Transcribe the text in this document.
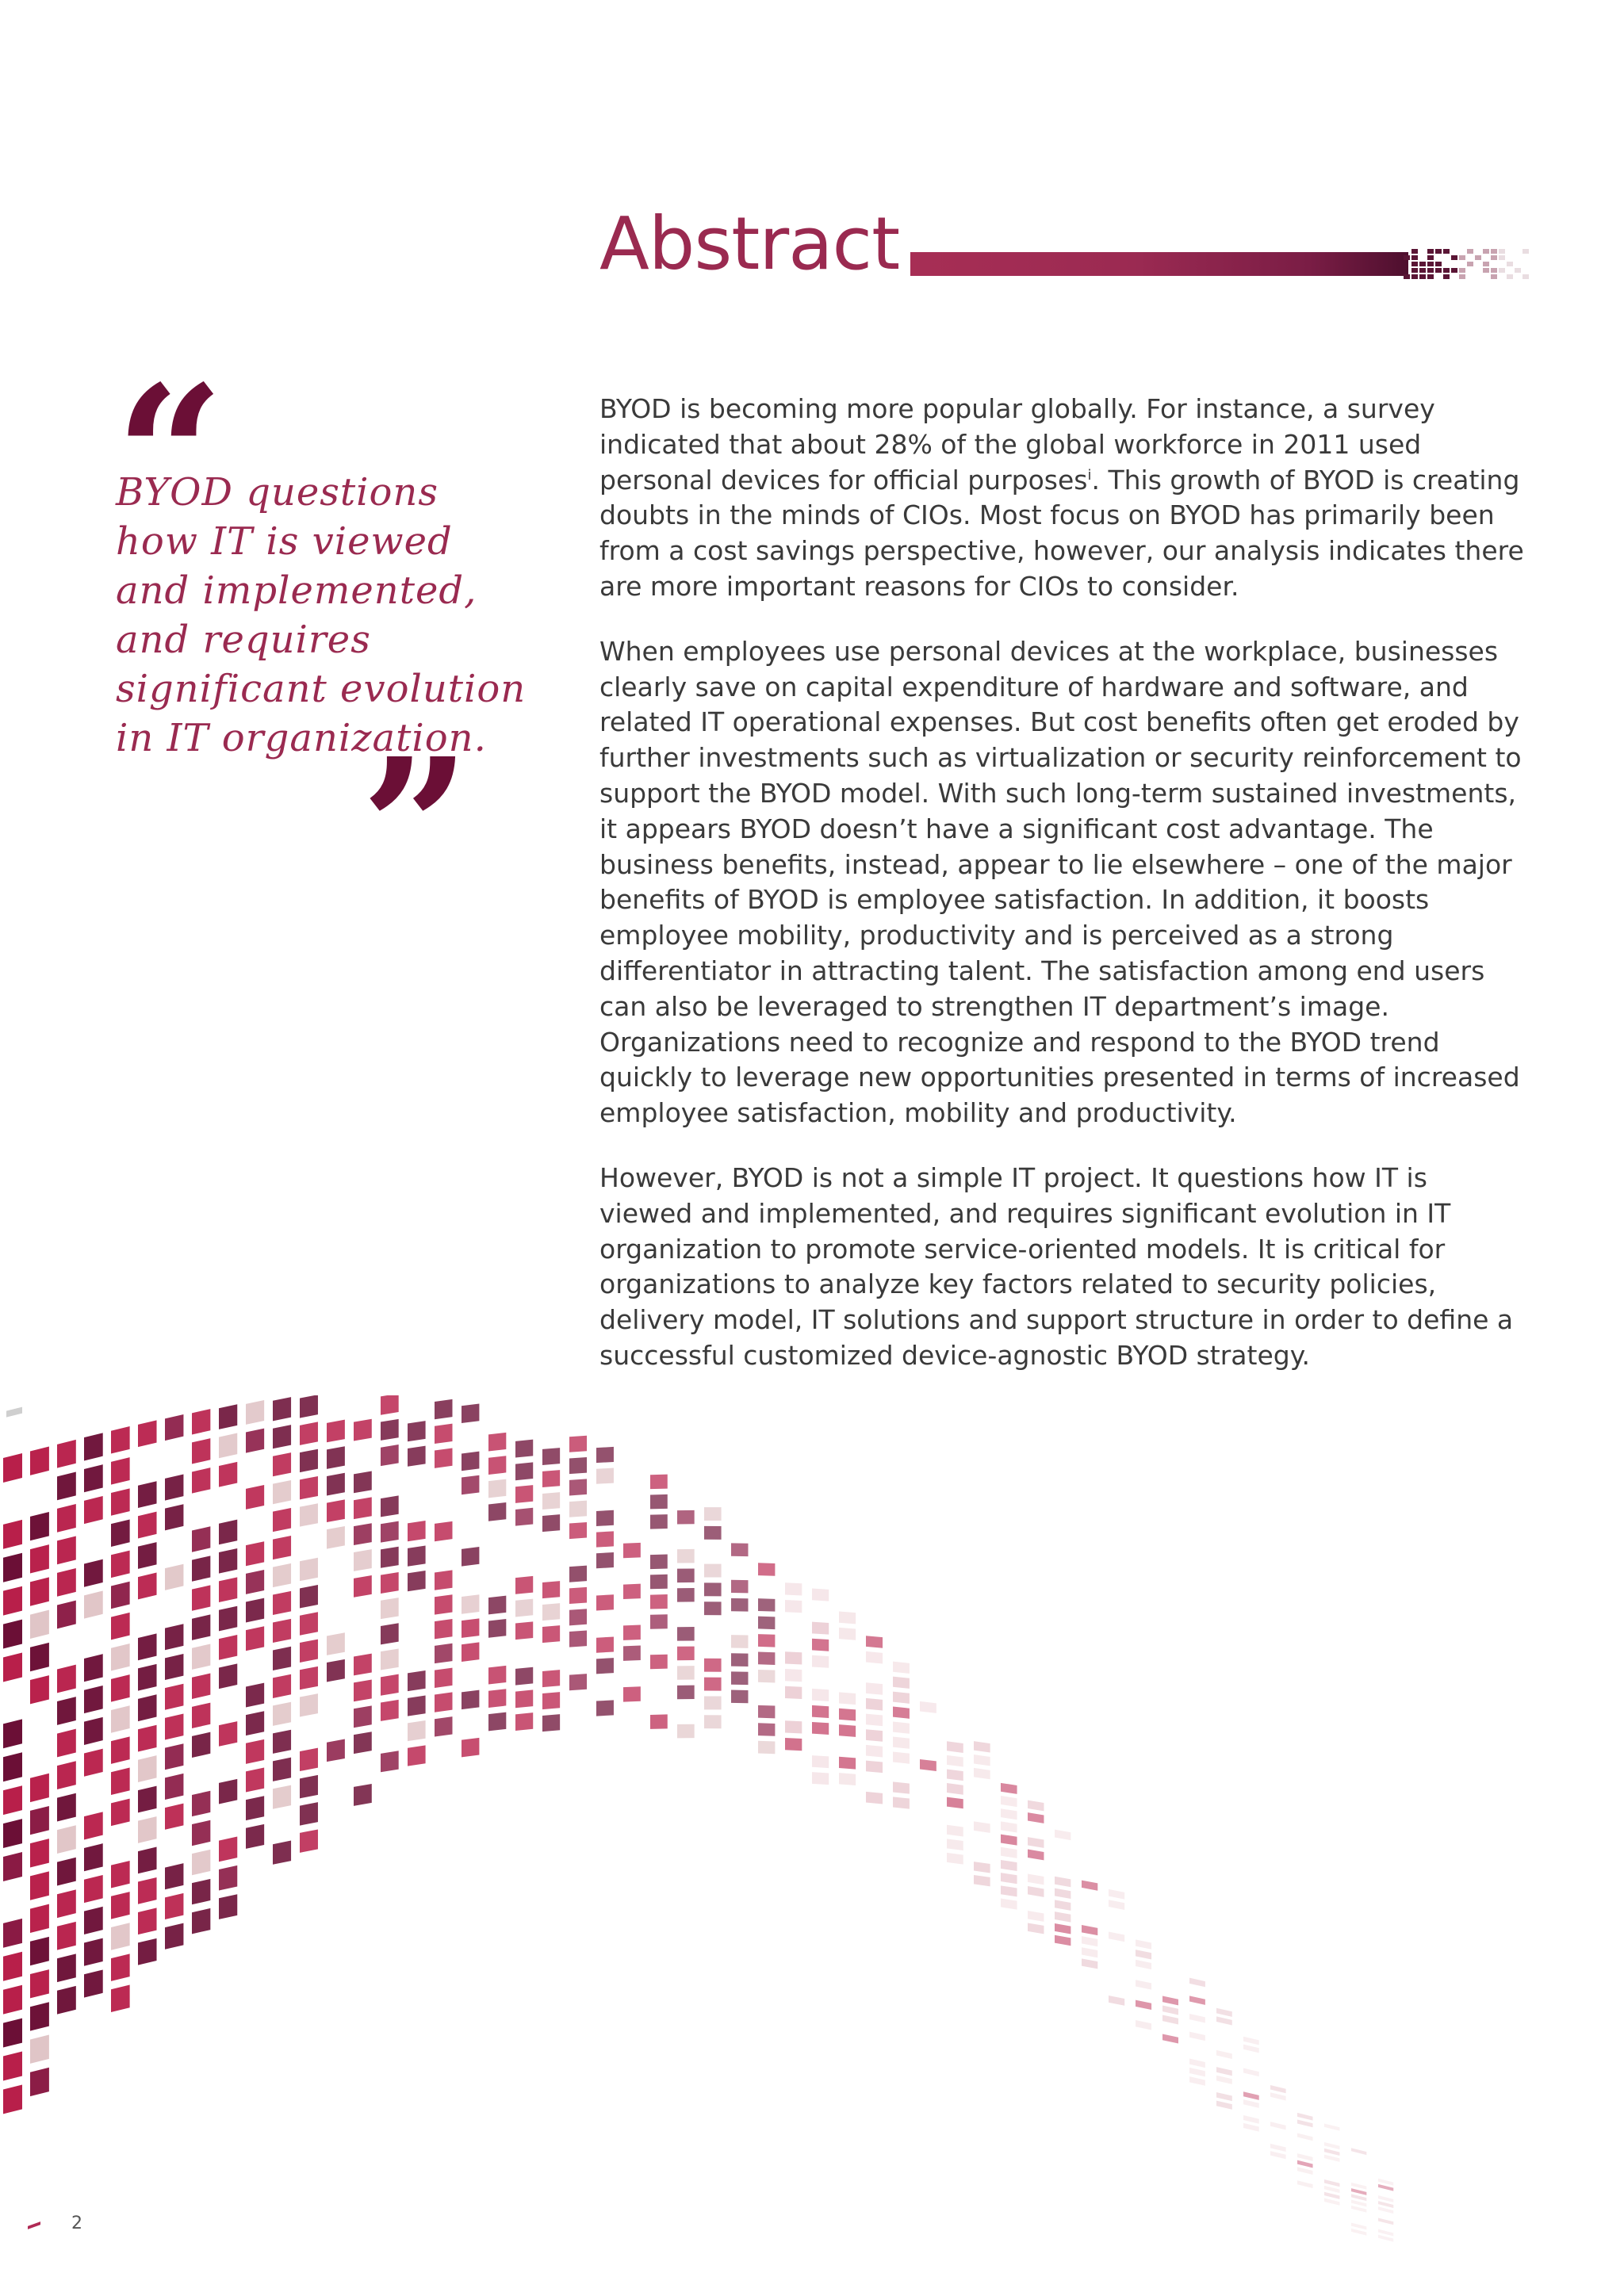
Abstract

BYOD questions how IT is viewed and implemented, and requires significant evolution in IT organization.

BYOD is becoming more popular globally. For instance, a survey indicated that about 28% of the global workforce in 2011 used personal devices for official purposes$^i$. This growth of BYOD is creating doubts in the minds of CIOs. Most focus on BYOD has primarily been from a cost savings perspective, however, our analysis indicates there are more important reasons for CIOs to consider.

When employees use personal devices at the workplace, businesses clearly save on capital expenditure of hardware and software, and related IT operational expenses. But cost benefits often get eroded by further investments such as virtualization or security reinforcement to support the BYOD model. With such long-term sustained investments, it appears BYOD doesn’t have a significant cost advantage. The business benefits, instead, appear to lie elsewhere – one of the major benefits of BYOD is employee satisfaction. In addition, it boosts employee mobility, productivity and is perceived as a strong differentiator in attracting talent. The satisfaction among end users can also be leveraged to strengthen IT department’s image. Organizations need to recognize and respond to the BYOD trend quickly to leverage new opportunities presented in terms of increased employee satisfaction, mobility and productivity.

However, BYOD is not a simple IT project. It questions how IT is viewed and implemented, and requires significant evolution in IT organization to promote service-oriented models. It is critical for organizations to analyze key factors related to security policies, delivery model, IT solutions and support structure in order to define a successful customized device-agnostic BYOD strategy.

2
